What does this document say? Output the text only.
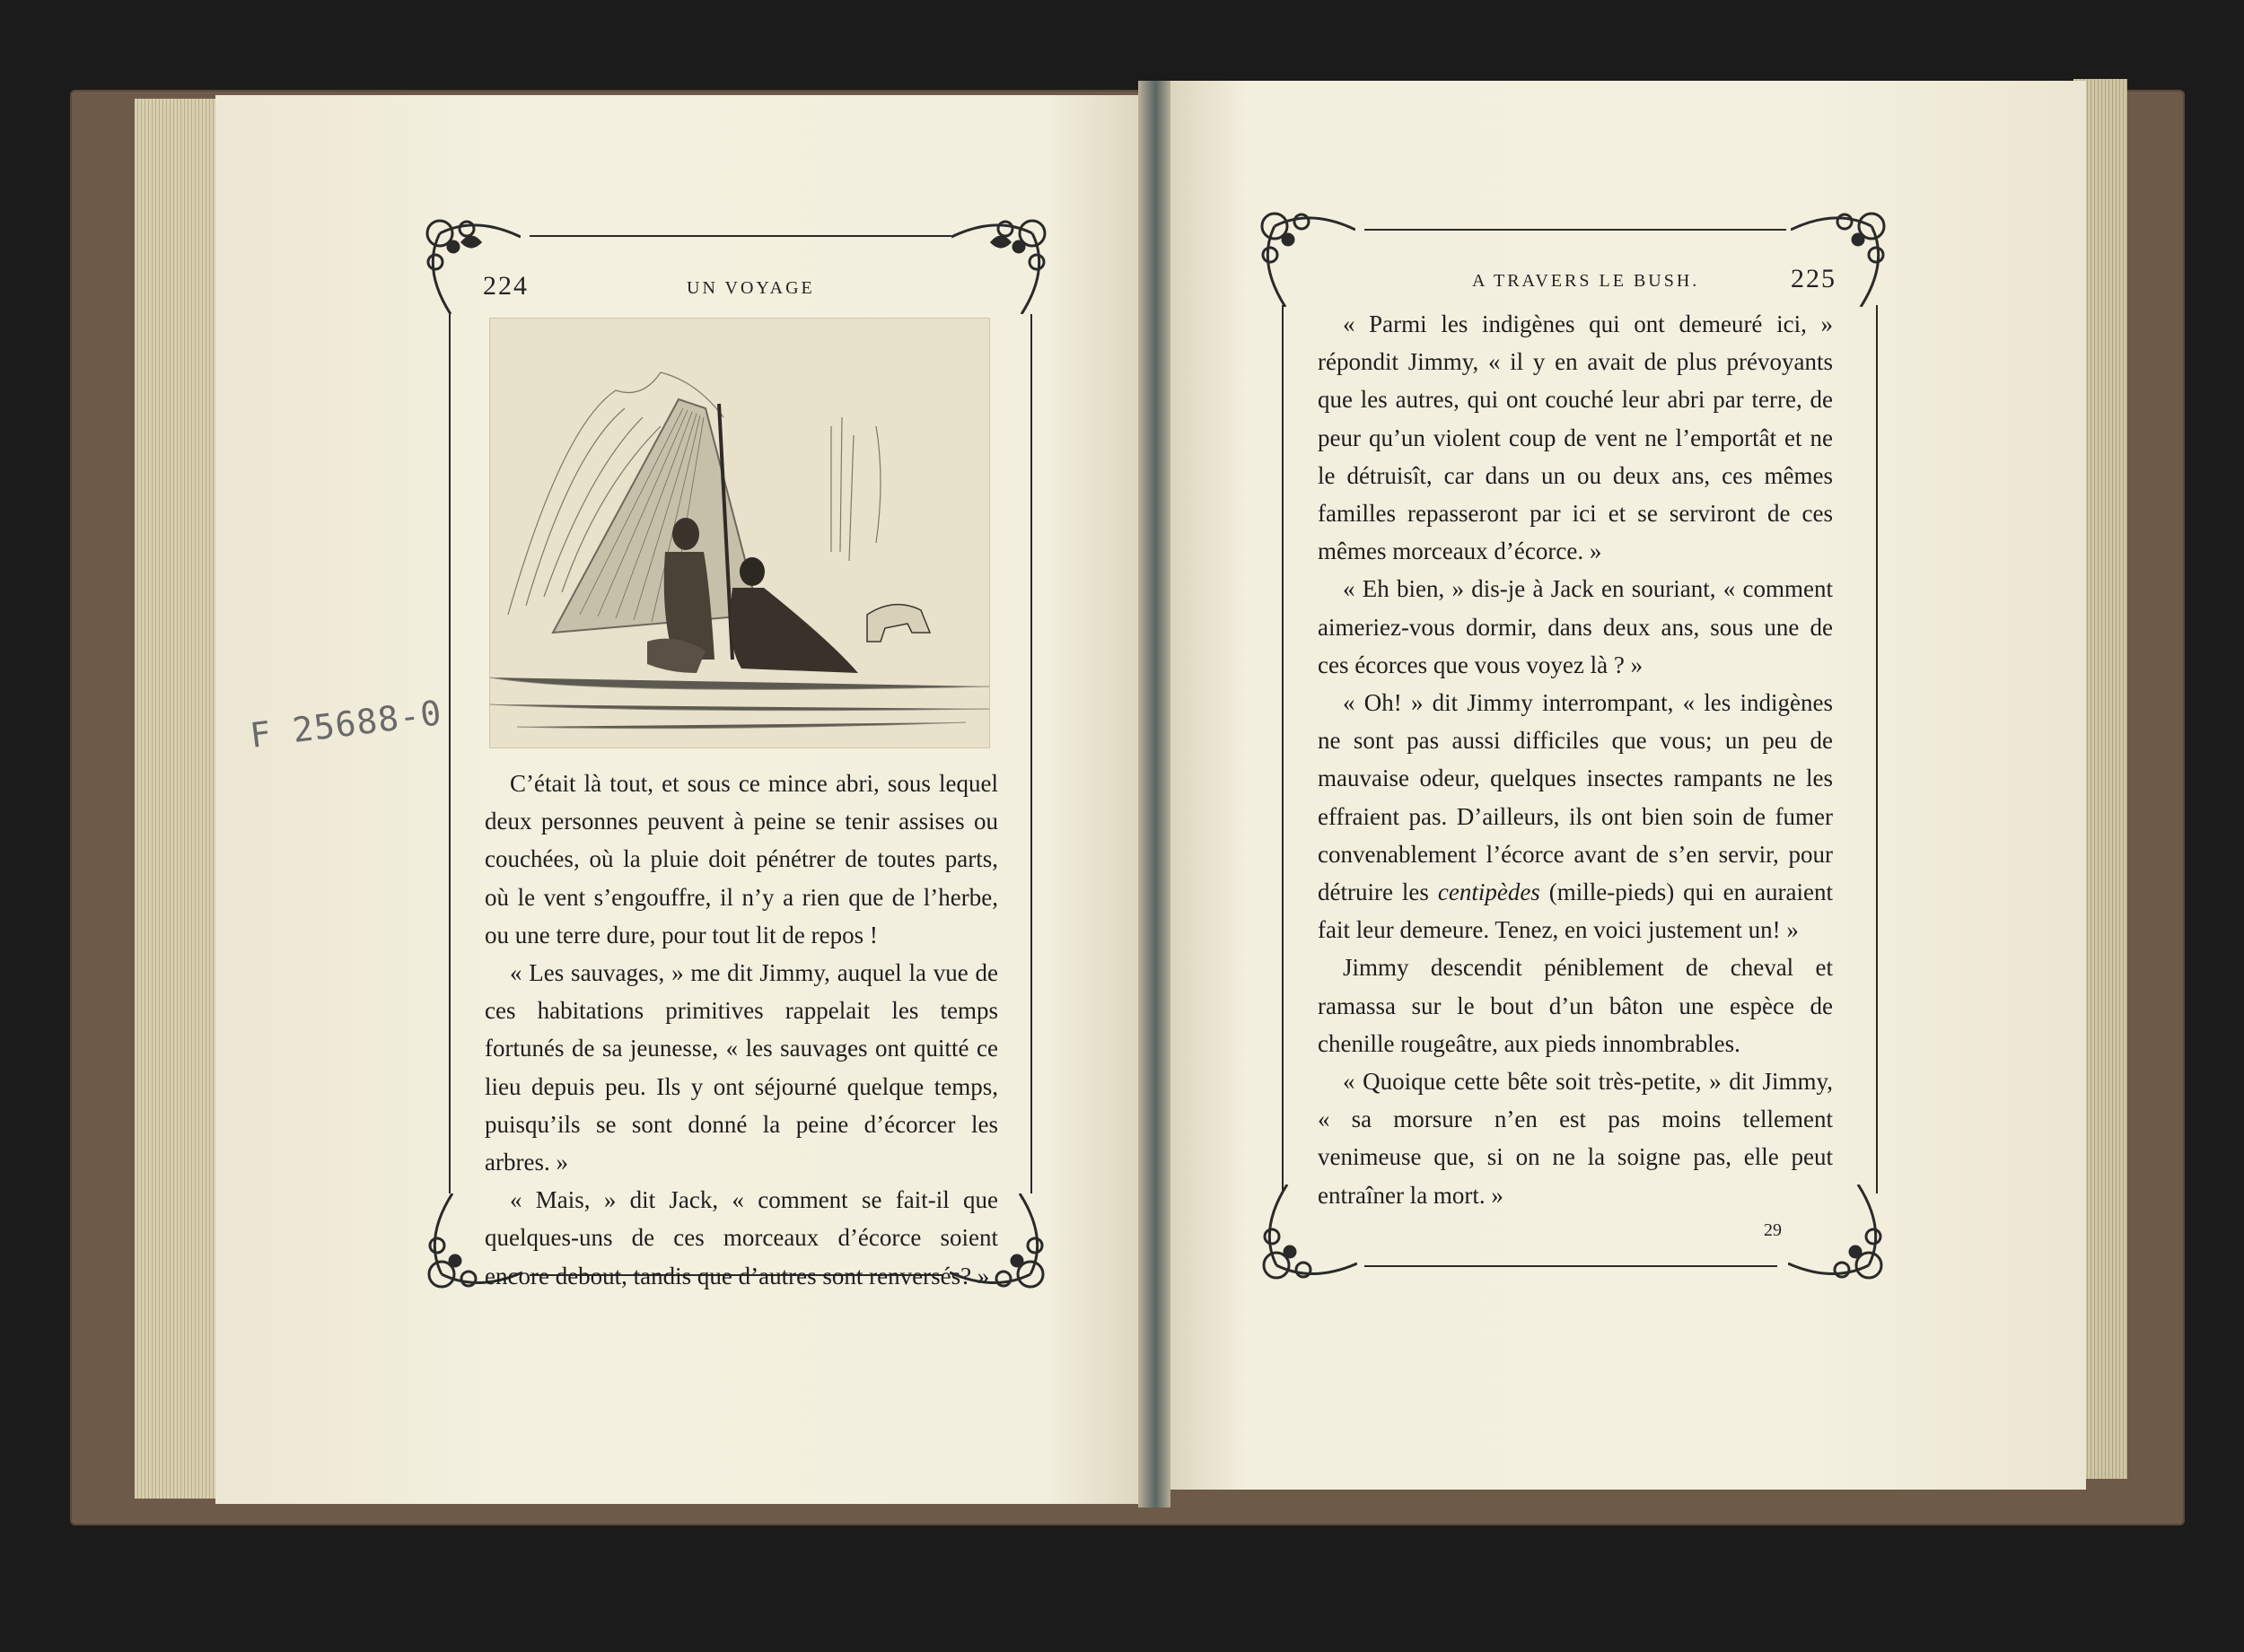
224	UN VOYAGE

C’était là tout, et sous ce mince abri, sous lequel deux personnes peuvent à peine se tenir assises ou couchées, où la pluie doit pénétrer de toutes parts, où le vent s’engouffre, il n’y a rien que de l’herbe, ou une terre dure, pour tout lit de repos !

« Les sauvages, » me dit Jimmy, auquel la vue de ces habitations primitives rappelait les temps fortunés de sa jeunesse, « les sauvages ont quitté ce lieu depuis peu. Ils y ont séjourné quelque temps, puisqu’ils se sont donné la peine d’écorcer les arbres. »

« Mais, » dit Jack, « comment se fait-il que quelques-uns de ces morceaux d’écorce soient encore debout, tandis que d’autres sont renversés? »

F 25688-0
A TRAVERS LE BUSH.	225

« Parmi les indigènes qui ont demeuré ici, » répondit Jimmy, « il y en avait de plus prévoyants que les autres, qui ont couché leur abri par terre, de peur qu’un violent coup de vent ne l’emportât et ne le détruisît, car dans un ou deux ans, ces mêmes familles repasseront par ici et se serviront de ces mêmes morceaux d’écorce. »

« Eh bien, » dis-je à Jack en souriant, « comment aimeriez-vous dormir, dans deux ans, sous une de ces écorces que vous voyez là ? »

« Oh! » dit Jimmy interrompant, « les indigènes ne sont pas aussi difficiles que vous; un peu de mauvaise odeur, quelques insectes rampants ne les effraient pas. D’ailleurs, ils ont bien soin de fumer convenablement l’écorce avant de s’en servir, pour détruire les centipèdes (mille-pieds) qui en auraient fait leur demeure. Tenez, en voici justement un! »

Jimmy descendit péniblement de cheval et ramassa sur le bout d’un bâton une espèce de chenille rougeâtre, aux pieds innombrables.

« Quoique cette bête soit très-petite, » dit Jimmy, « sa morsure n’en est pas moins tellement venimeuse que, si on ne la soigne pas, elle peut entraîner la mort. »

29
